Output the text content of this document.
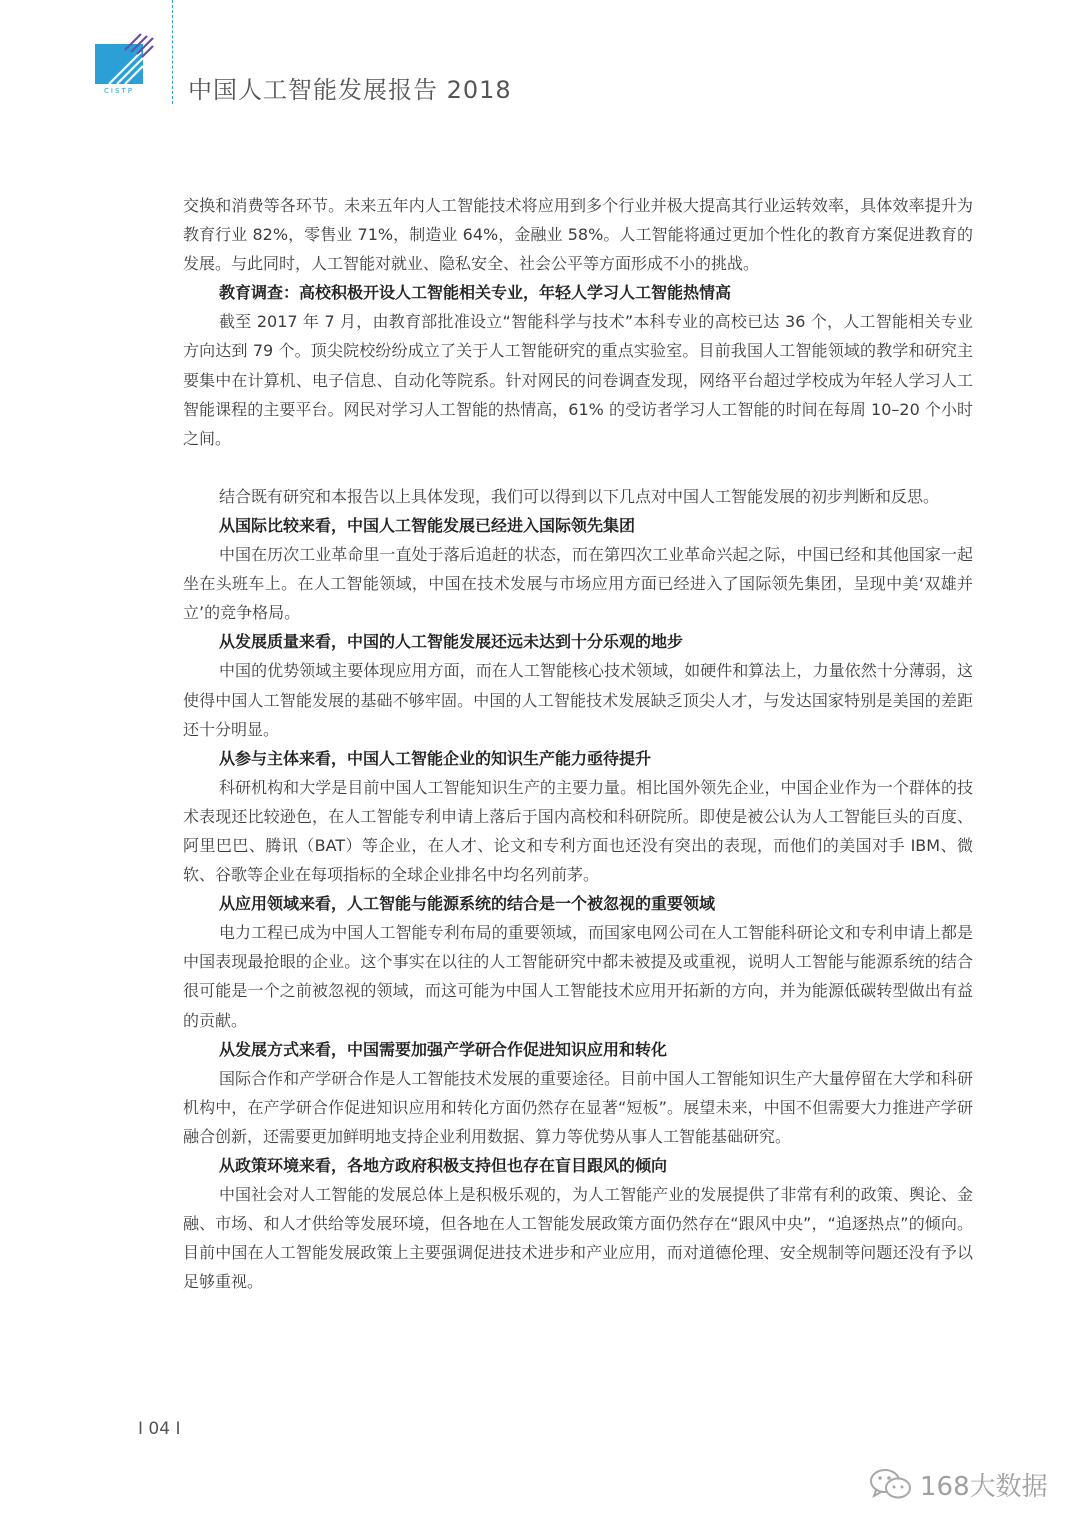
CISTP	中国人工智能发展报告 2018

交换和消费等各环节。未来五年内人工智能技术将应用到多个行业并极大提高其行业运转效率，具体效率提升为教育行业 82%，零售业 71%，制造业 64%，金融业 58%。人工智能将通过更加个性化的教育方案促进教育的发展。与此同时，人工智能对就业、隐私安全、社会公平等方面形成不小的挑战。

教育调查：高校积极开设人工智能相关专业，年轻人学习人工智能热情高

截至 2017 年 7 月，由教育部批准设立“智能科学与技术”本科专业的高校已达 36 个，人工智能相关专业方向达到 79 个。顶尖院校纷纷成立了关于人工智能研究的重点实验室。目前我国人工智能领域的教学和研究主要集中在计算机、电子信息、自动化等院系。针对网民的问卷调查发现，网络平台超过学校成为年轻人学习人工智能课程的主要平台。网民对学习人工智能的热情高，61% 的受访者学习人工智能的时间在每周 10–20 个小时之间。

结合既有研究和本报告以上具体发现，我们可以得到以下几点对中国人工智能发展的初步判断和反思。

从国际比较来看，中国人工智能发展已经进入国际领先集团

中国在历次工业革命里一直处于落后追赶的状态，而在第四次工业革命兴起之际，中国已经和其他国家一起坐在头班车上。在人工智能领域，中国在技术发展与市场应用方面已经进入了国际领先集团，呈现中美‘双雄并立’的竞争格局。

从发展质量来看，中国的人工智能发展还远未达到十分乐观的地步

中国的优势领域主要体现应用方面，而在人工智能核心技术领域，如硬件和算法上，力量依然十分薄弱，这使得中国人工智能发展的基础不够牢固。中国的人工智能技术发展缺乏顶尖人才，与发达国家特别是美国的差距还十分明显。

从参与主体来看，中国人工智能企业的知识生产能力亟待提升

科研机构和大学是目前中国人工智能知识生产的主要力量。相比国外领先企业，中国企业作为一个群体的技术表现还比较逊色，在人工智能专利申请上落后于国内高校和科研院所。即使是被公认为人工智能巨头的百度、阿里巴巴、腾讯（BAT）等企业，在人才、论文和专利方面也还没有突出的表现，而他们的美国对手 IBM、微软、谷歌等企业在每项指标的全球企业排名中均名列前茅。

从应用领域来看，人工智能与能源系统的结合是一个被忽视的重要领域

电力工程已成为中国人工智能专利布局的重要领域，而国家电网公司在人工智能科研论文和专利申请上都是中国表现最抢眼的企业。这个事实在以往的人工智能研究中都未被提及或重视，说明人工智能与能源系统的结合很可能是一个之前被忽视的领域，而这可能为中国人工智能技术应用开拓新的方向，并为能源低碳转型做出有益的贡献。

从发展方式来看，中国需要加强产学研合作促进知识应用和转化

国际合作和产学研合作是人工智能技术发展的重要途径。目前中国人工智能知识生产大量停留在大学和科研机构中，在产学研合作促进知识应用和转化方面仍然存在显著“短板”。展望未来，中国不但需要大力推进产学研融合创新，还需要更加鲜明地支持企业利用数据、算力等优势从事人工智能基础研究。

从政策环境来看，各地方政府积极支持但也存在盲目跟风的倾向

中国社会对人工智能的发展总体上是积极乐观的，为人工智能产业的发展提供了非常有利的政策、舆论、金融、市场、和人才供给等发展环境，但各地在人工智能发展政策方面仍然存在“跟风中央”，“追逐热点”的倾向。目前中国在人工智能发展政策上主要强调促进技术进步和产业应用，而对道德伦理、安全规制等问题还没有予以足够重视。

I 04 I
168大数据
